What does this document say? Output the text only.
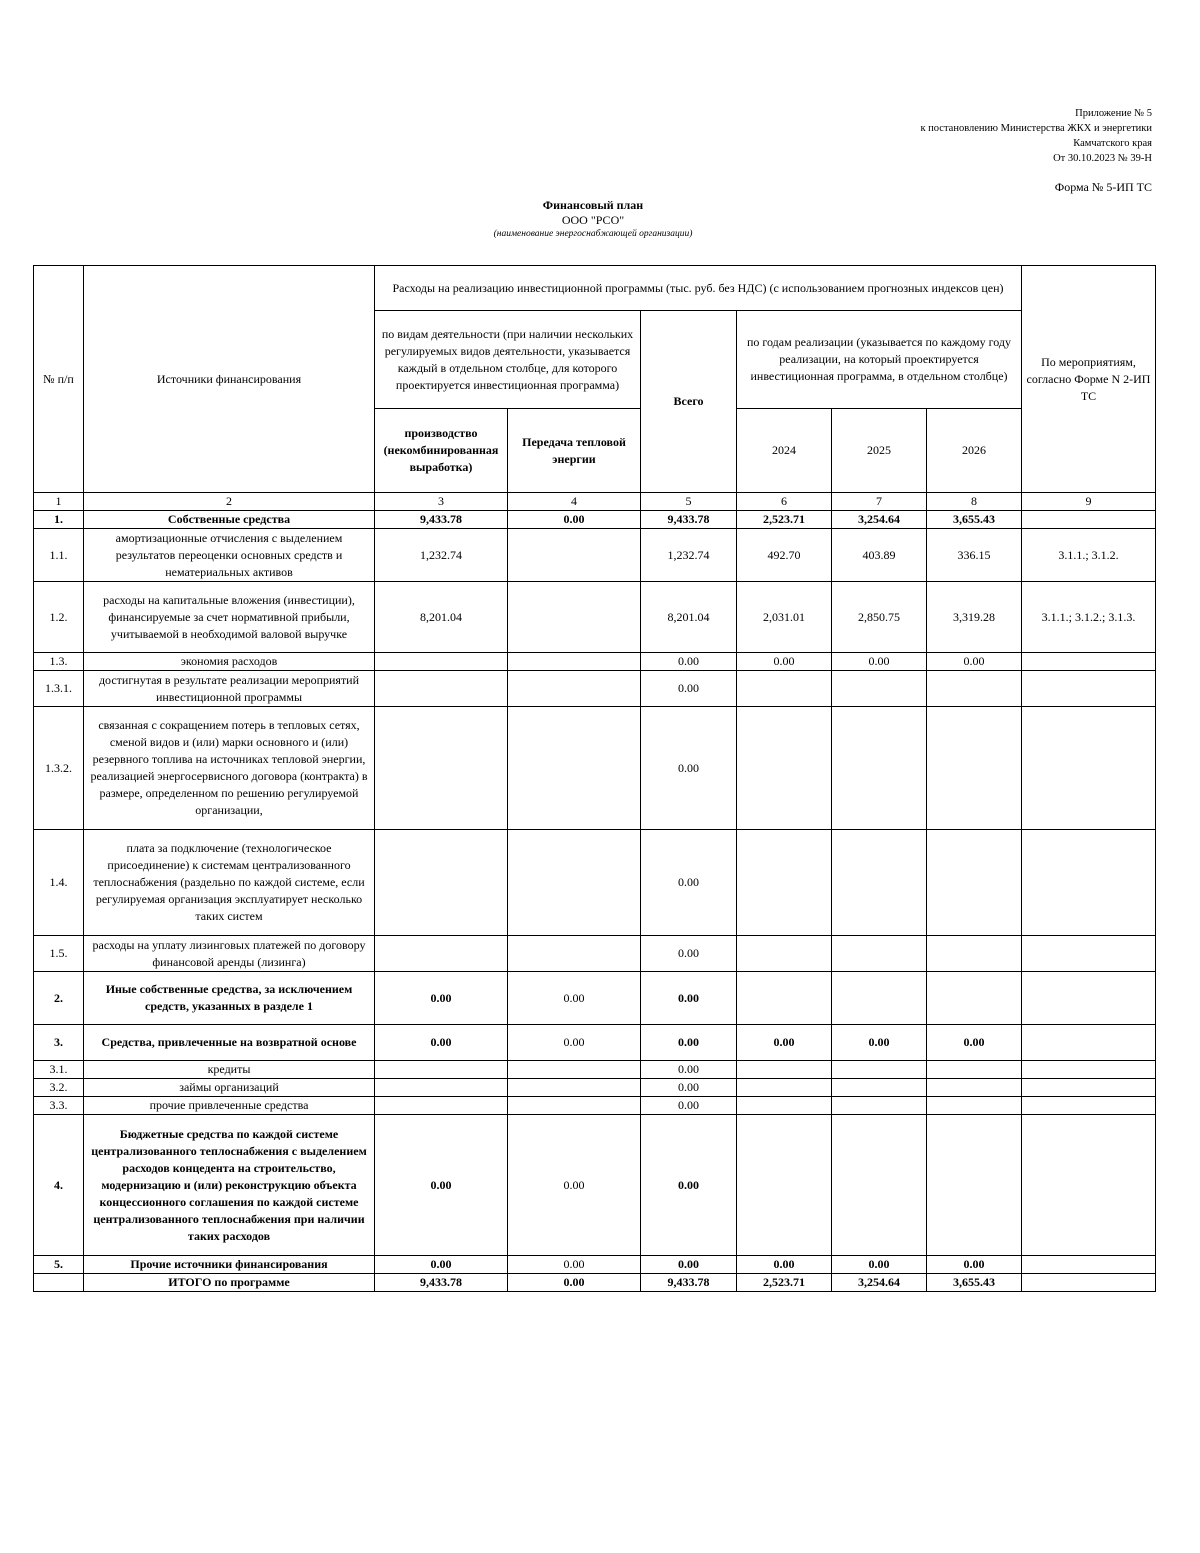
Приложение № 5
к постановлению Министерства ЖКХ и энергетики
Камчатского края
От 30.10.2023 № 39-Н
Форма № 5-ИП ТС
Финансовый план
ООО "РСО"
(наименование энергоснабжающей организации)
№ п/п	Источники финансирования	Расходы на реализацию инвестиционной программы (тыс. руб. без НДС) (с использованием прогнозных индексов цен)						По мероприятиям, согласно Форме N 2-ИП ТС
		по видам деятельности (при наличии нескольких регулируемых видов деятельности, указывается каждый в отдельном столбце, для которого проектируется инвестиционная программа)		Всего	по годам реализации (указывается по каждому году реализации, на который проектируется инвестиционная программа, в отдельном столбце)			
		производство (некомбинированная выработка)	Передача тепловой энергии		2024	2025	2026	
1	2	3	4	5	6	7	8	9
1.	Собственные средства	9,433.78	0.00	9,433.78	2,523.71	3,254.64	3,655.43	
1.1.	амортизационные отчисления с выделением результатов переоценки основных средств и нематериальных активов	1,232.74		1,232.74	492.70	403.89	336.15	3.1.1.; 3.1.2.
1.2.	расходы на капитальные вложения (инвестиции), финансируемые за счет нормативной прибыли, учитываемой в необходимой валовой выручке	8,201.04		8,201.04	2,031.01	2,850.75	3,319.28	3.1.1.; 3.1.2.; 3.1.3.
1.3.	экономия расходов			0.00	0.00	0.00	0.00	
1.3.1.	достигнутая в результате реализации мероприятий инвестиционной программы			0.00				
1.3.2.	связанная с сокращением потерь в тепловых сетях, сменой видов и (или) марки основного и (или) резервного топлива на источниках тепловой энергии, реализацией энергосервисного договора (контракта) в размере, определенном по решению регулируемой организации,			0.00				
1.4.	плата за подключение (технологическое присоединение) к системам централизованного теплоснабжения (раздельно по каждой системе, если регулируемая организация эксплуатирует несколько таких систем			0.00				
1.5.	расходы на уплату лизинговых платежей по договору финансовой аренды (лизинга)			0.00				
2.	Иные собственные средства, за исключением средств, указанных в разделе 1	0.00	0.00	0.00				
3.	Средства, привлеченные на возвратной основе	0.00	0.00	0.00	0.00	0.00	0.00	
3.1.	кредиты			0.00				
3.2.	займы организаций			0.00				
3.3.	прочие привлеченные средства			0.00				
4.	Бюджетные средства по каждой системе централизованного теплоснабжения с выделением расходов концедента на строительство, модернизацию и (или) реконструкцию объекта концессионного соглашения по каждой системе централизованного теплоснабжения при наличии таких расходов	0.00	0.00	0.00				
5.	Прочие источники финансирования	0.00	0.00	0.00	0.00	0.00	0.00	
	ИТОГО по программе	9,433.78	0.00	9,433.78	2,523.71	3,254.64	3,655.43	
